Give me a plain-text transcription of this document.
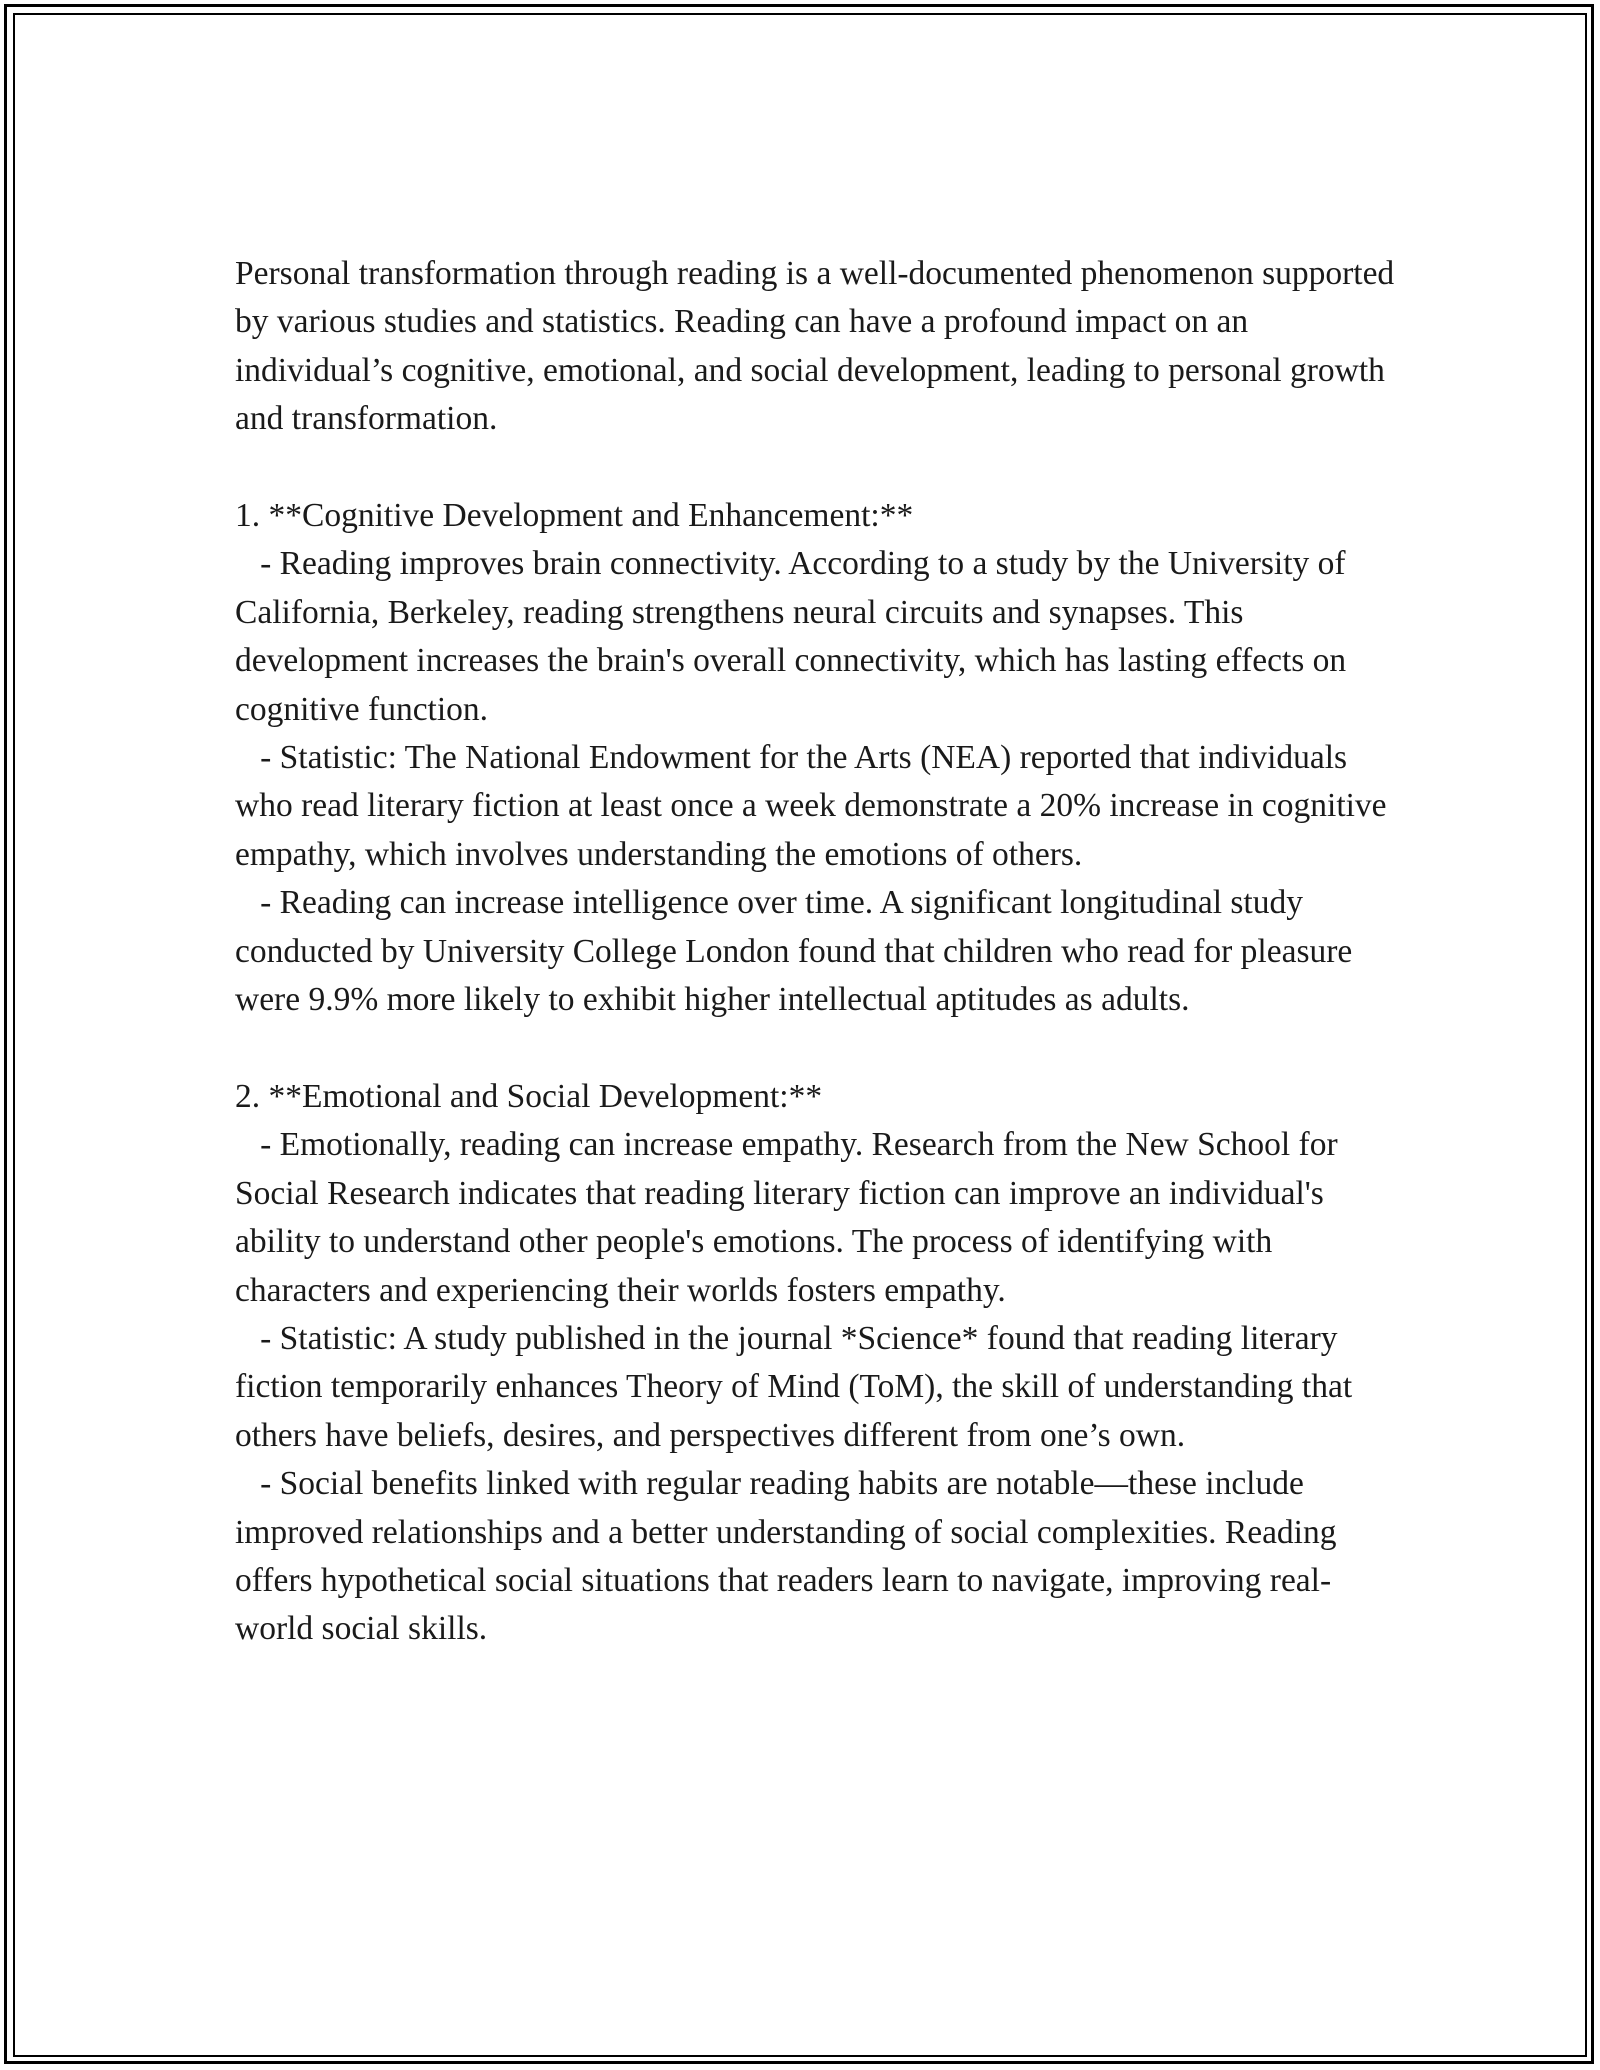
Personal transformation through reading is a well-documented phenomenon supported by various studies and statistics. Reading can have a profound impact on an individual’s cognitive, emotional, and social development, leading to personal growth and transformation.

1. **Cognitive Development and Enhancement:**

- Reading improves brain connectivity. According to a study by the University of California, Berkeley, reading strengthens neural circuits and synapses. This development increases the brain's overall connectivity, which has lasting effects on cognitive function.

- Statistic: The National Endowment for the Arts (NEA) reported that individuals who read literary fiction at least once a week demonstrate a 20% increase in cognitive empathy, which involves understanding the emotions of others.

- Reading can increase intelligence over time. A significant longitudinal study conducted by University College London found that children who read for pleasure were 9.9% more likely to exhibit higher intellectual aptitudes as adults.

2. **Emotional and Social Development:**

- Emotionally, reading can increase empathy. Research from the New School for Social Research indicates that reading literary fiction can improve an individual's ability to understand other people's emotions. The process of identifying with characters and experiencing their worlds fosters empathy.

- Statistic: A study published in the journal *Science* found that reading literary fiction temporarily enhances Theory of Mind (ToM), the skill of understanding that others have beliefs, desires, and perspectives different from one’s own.

- Social benefits linked with regular reading habits are notable—these include improved relationships and a better understanding of social complexities. Reading offers hypothetical social situations that readers learn to navigate, improving real-world social skills.
